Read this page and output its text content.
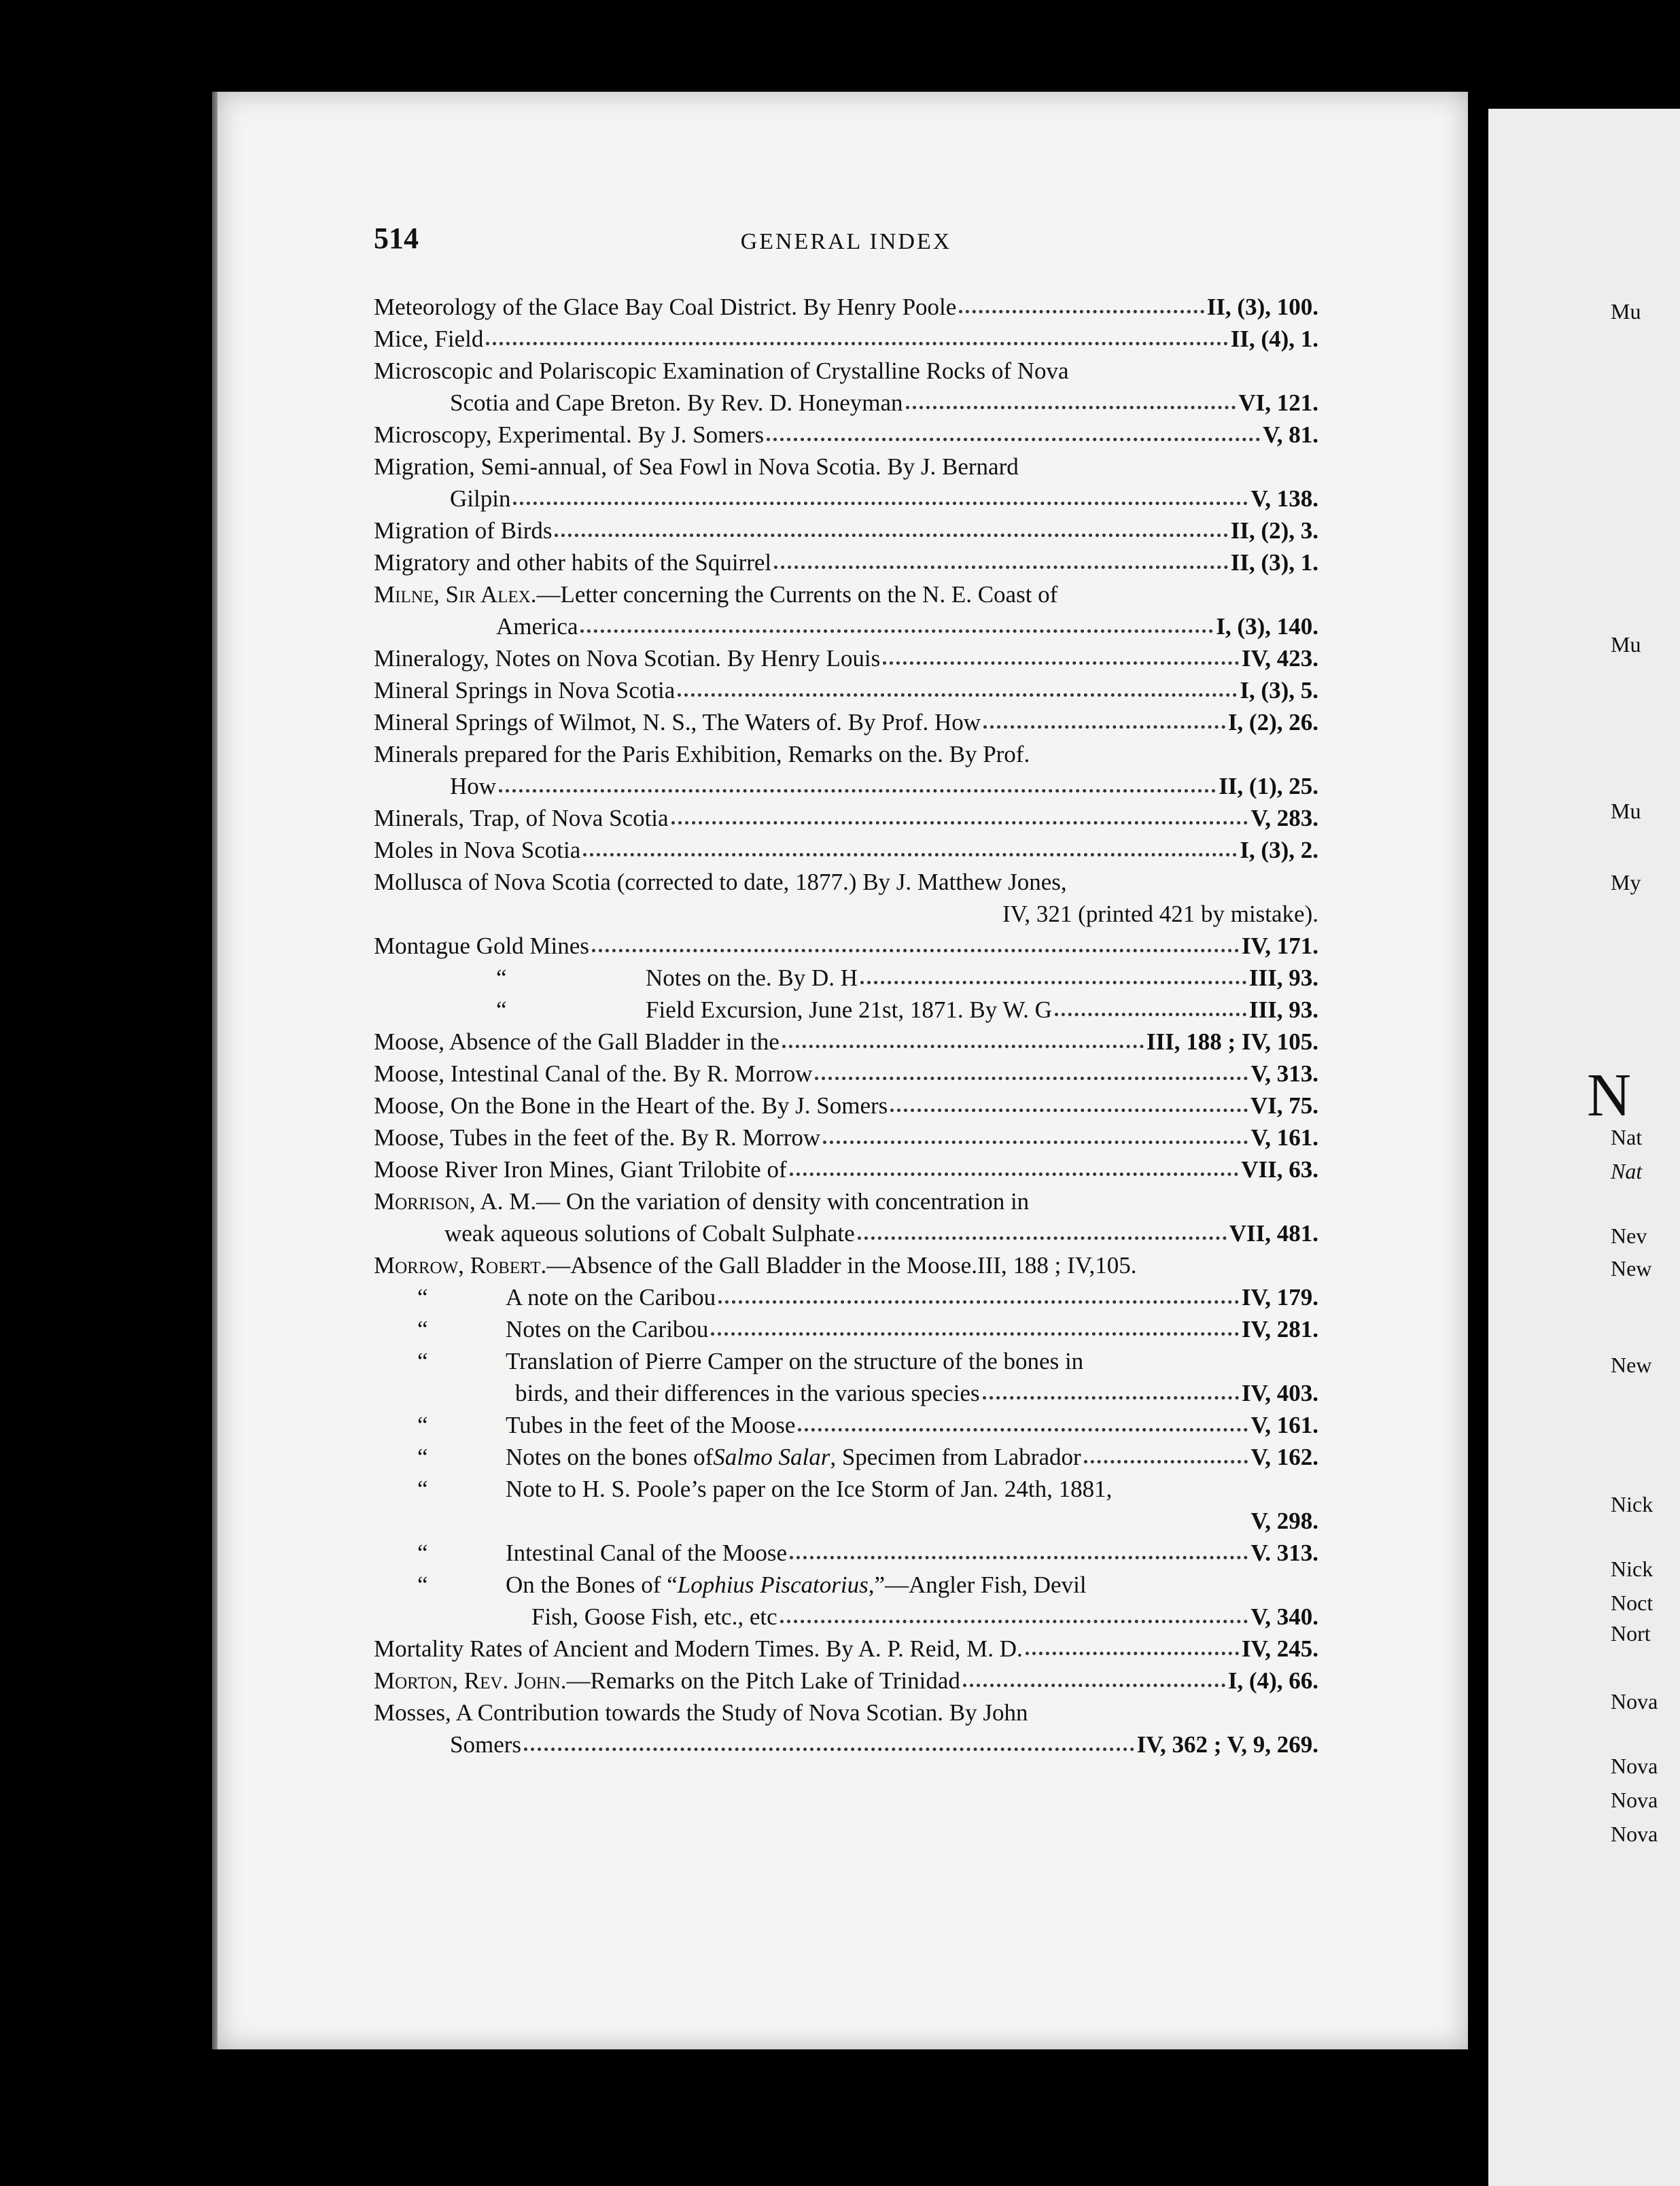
514	GENERAL INDEX
Meteorology of the Glace Bay Coal District. By Henry Poole	II, (3), 100.
Mice, Field	II, (4), 1.
Microscopic and Polariscopic Examination of Crystalline Rocks of Nova
Scotia and Cape Breton. By Rev. D. Honeyman	VI, 121.
Microscopy, Experimental. By J. Somers	V, 81.
Migration, Semi-annual, of Sea Fowl in Nova Scotia. By J. Bernard
Gilpin	V, 138.
Migration of Birds	II, (2), 3.
Migratory and other habits of the Squirrel	II, (3), 1.
Milne, Sir Alex. —Letter concerning the Currents on the N. E. Coast of
America	I, (3), 140.
Mineralogy, Notes on Nova Scotian. By Henry Louis	IV, 423.
Mineral Springs in Nova Scotia	I, (3), 5.
Mineral Springs of Wilmot, N. S., The Waters of. By Prof. How	I, (2), 26.
Minerals prepared for the Paris Exhibition, Remarks on the. By Prof.
How	II, (1), 25.
Minerals, Trap, of Nova Scotia	V, 283.
Moles in Nova Scotia	I, (3), 2.
Mollusca of Nova Scotia (corrected to date, 1877.) By J. Matthew Jones,
IV, 321 (printed 421 by mistake).
Montague Gold Mines	IV, 171.
“	Notes on the. By D. H	III, 93.
“	Field Excursion, June 21st, 1871. By W. G	III, 93.
Moose, Absence of the Gall Bladder in the	III, 188 ; IV, 105.
Moose, Intestinal Canal of the. By R. Morrow	V, 313.
Moose, On the Bone in the Heart of the. By J. Somers	VI, 75.
Moose, Tubes in the feet of the. By R. Morrow	V, 161.
Moose River Iron Mines, Giant Trilobite of	VII, 63.
Morrison, A. M. — On the variation of density with concentration in
weak aqueous solutions of Cobalt Sulphate	VII, 481.
Morrow, Robert. —Absence of the Gall Bladder in the Moose.III, 188 ; IV,105.
“	A note on the Caribou	IV, 179.
“	Notes on the Caribou	IV, 281.
“	Translation of Pierre Camper on the structure of the bones in
birds, and their differences in the various species	IV, 403.
“	Tubes in the feet of the Moose	V, 161.
“	Notes on the bones of Salmo Salar , Specimen from Labrador	V, 162.
“	Note to H. S. Poole’s paper on the Ice Storm of Jan. 24th, 1881,
V, 298.
“	Intestinal Canal of the Moose	V. 313.
“	On the Bones of “ Lophius Piscatorius, ”—Angler Fish, Devil
Fish, Goose Fish, etc., etc	V, 340.
Mortality Rates of Ancient and Modern Times. By A. P. Reid, M. D.	IV, 245.
Morton, Rev. John. —Remarks on the Pitch Lake of Trinidad	I, (4), 66.
Mosses, A Contribution towards the Study of Nova Scotian. By John
Somers	IV, 362 ; V, 9, 269.
Mu
Mu
Mu
My
N
Nat
Nat
Nev
New
New
Nick
Nick
Noct
Nort
Nova
Nova
Nova
Nova
